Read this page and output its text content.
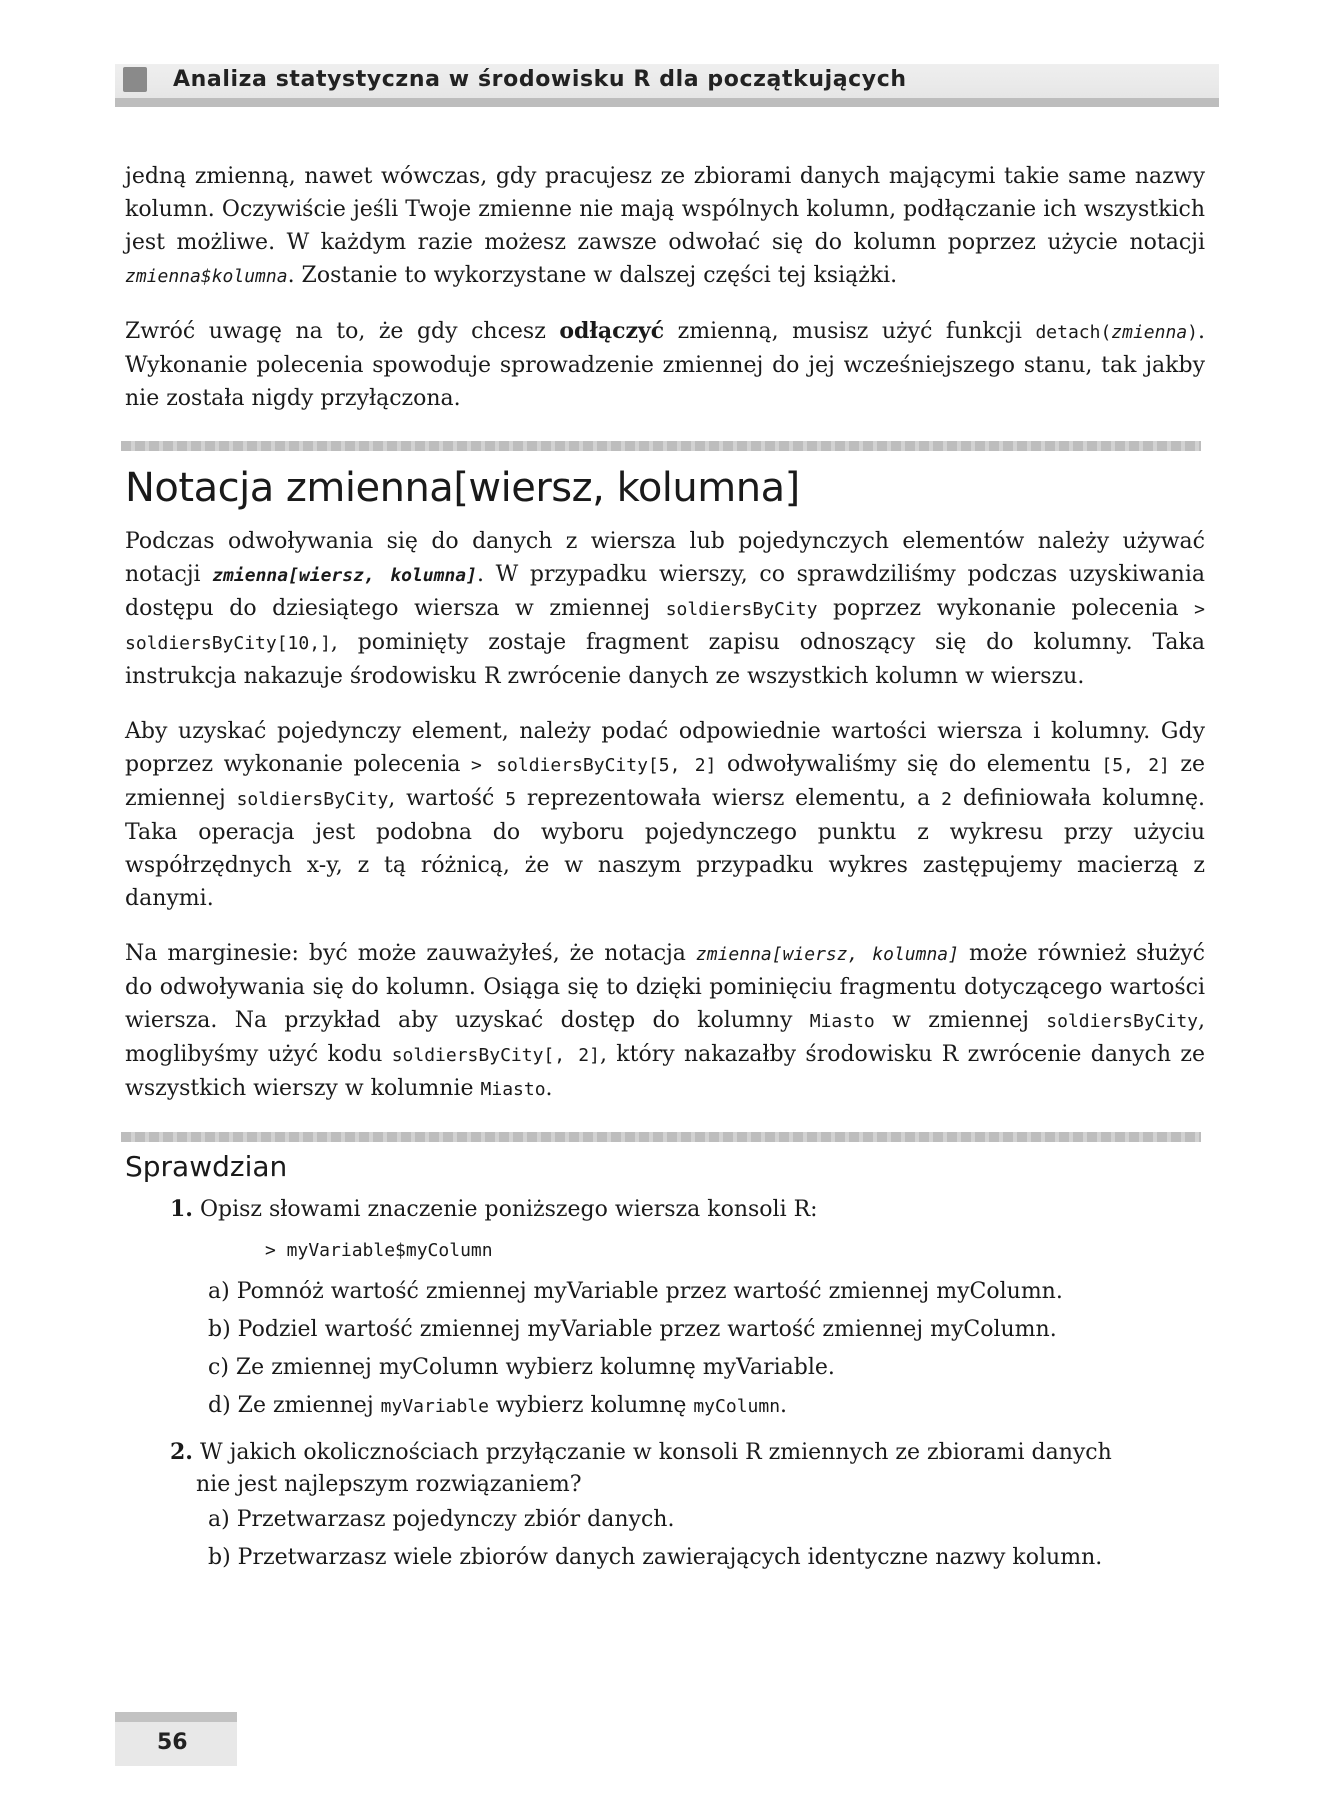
Analiza statystyczna w środowisku R dla początkujących

jedną zmienną, nawet wówczas, gdy pracujesz ze zbiorami danych mającymi takie same nazwy kolumn. Oczywiście jeśli Twoje zmienne nie mają wspólnych kolumn, podłączanie ich wszystkich jest możliwe. W każdym razie możesz zawsze odwołać się do kolumn poprzez użycie notacji zmienna$kolumna. Zostanie to wykorzystane w dalszej części tej książki.

Zwróć uwagę na to, że gdy chcesz odłączyć zmienną, musisz użyć funkcji detach(zmienna). Wykonanie polecenia spowoduje sprowadzenie zmiennej do jej wcześniejszego stanu, tak jakby nie została nigdy przyłączona.

Notacja zmienna[wiersz, kolumna]

Podczas odwoływania się do danych z wiersza lub pojedynczych elementów należy używać notacji zmienna[wiersz, kolumna]. W przypadku wierszy, co sprawdziliśmy podczas uzyskiwania dostępu do dziesiątego wiersza w zmiennej soldiersByCity poprzez wykonanie polecenia > soldiersByCity[10,], pominięty zostaje fragment zapisu odnoszący się do kolumny. Taka instrukcja nakazuje środowisku R zwrócenie danych ze wszystkich kolumn w wierszu.

Aby uzyskać pojedynczy element, należy podać odpowiednie wartości wiersza i kolumny. Gdy poprzez wykonanie polecenia > soldiersByCity[5, 2] odwoływaliśmy się do elementu [5, 2] ze zmiennej soldiersByCity, wartość 5 reprezentowała wiersz elementu, a 2 definiowała kolumnę. Taka operacja jest podobna do wyboru pojedynczego punktu z wykresu przy użyciu współrzędnych x-y, z tą różnicą, że w naszym przypadku wykres zastępujemy macierzą z danymi.

Na marginesie: być może zauważyłeś, że notacja zmienna[wiersz, kolumna] może również służyć do odwoływania się do kolumn. Osiąga się to dzięki pominięciu fragmentu dotyczącego wartości wiersza. Na przykład aby uzyskać dostęp do kolumny Miasto w zmiennej soldiersByCity, moglibyśmy użyć kodu soldiersByCity[, 2], który nakazałby środowisku R zwrócenie danych ze wszystkich wierszy w kolumnie Miasto.

Sprawdzian
1. Opisz słowami znaczenie poniższego wiersza konsoli R:
> myVariable$myColumn
a) Pomnóż wartość zmiennej myVariable przez wartość zmiennej myColumn.
b) Podziel wartość zmiennej myVariable przez wartość zmiennej myColumn.
c) Ze zmiennej myColumn wybierz kolumnę myVariable.
d) Ze zmiennej myVariable wybierz kolumnę myColumn.
2. W jakich okolicznościach przyłączanie w konsoli R zmiennych ze zbiorami danych
nie jest najlepszym rozwiązaniem?
a) Przetwarzasz pojedynczy zbiór danych.
b) Przetwarzasz wiele zbiorów danych zawierających identyczne nazwy kolumn.
56
